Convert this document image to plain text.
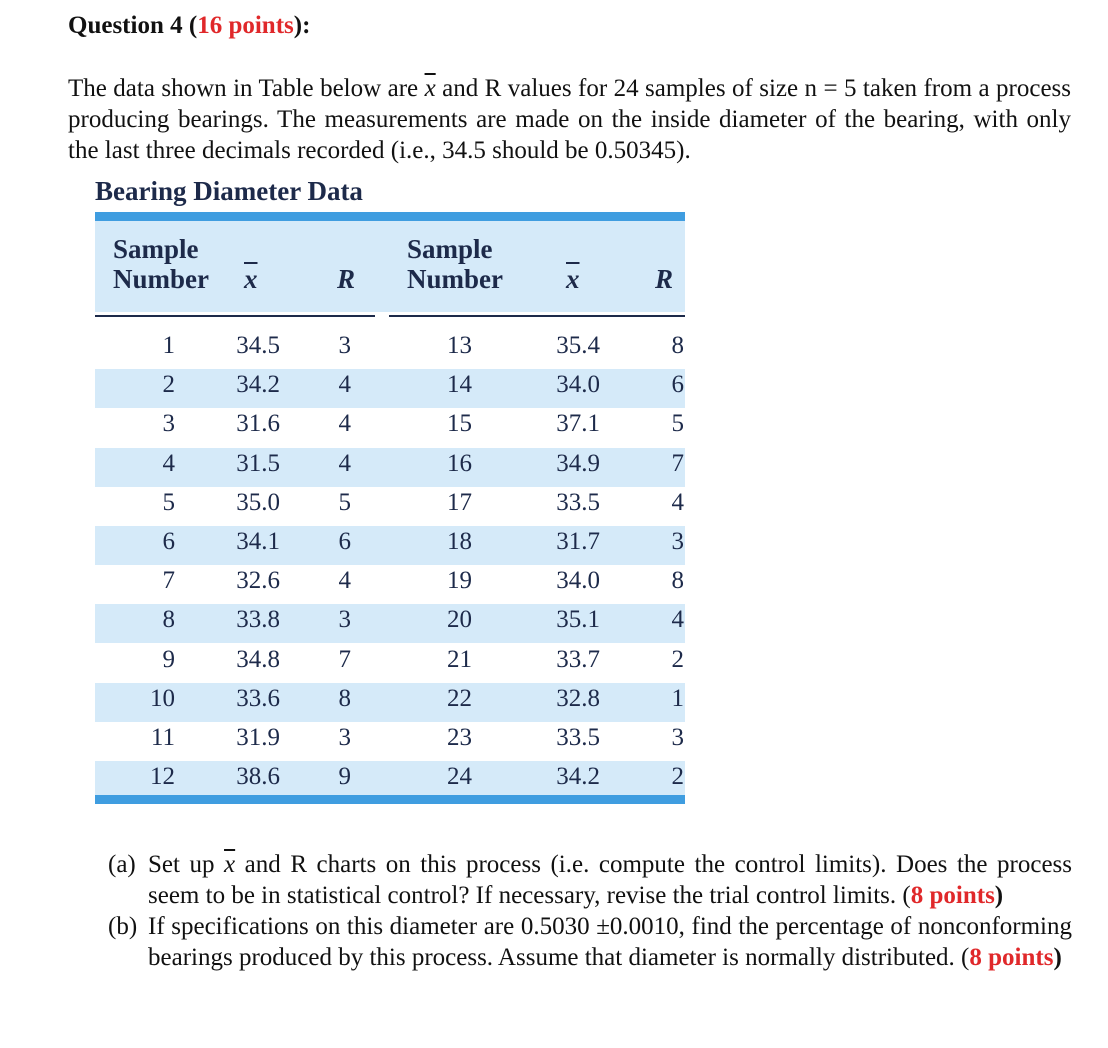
Question 4 (16 points):
The data shown in Table below are $\overline{x}$ and R values for 24 samples of size n = 5 taken from a process producing bearings. The measurements are made on the inside diameter of the bearing, with only the last three decimals recorded (i.e., 34.5 should be 0.50345).
Bearing Diameter Data
Sample
Number $\overline{x}$	R
Sample
Number $\overline{x}$	R
1 34.5 3	13	35.4	8
2 34.2 4	14	34.0	6
3 31.6 4	15	37.1	5
4 31.5 4	16	34.9	7
5 35.0 5	17	33.5	4
6 34.1 6	18	31.7	3
7 32.6 4	19	34.0	8
8 33.8 3	20	35.1	4
9 34.8 7	21	33.7	2
10 33.6 8	22	32.8	1
11 31.9 3	23	33.5	3
12 38.6 9	24	34.2	2
(a) Set up $\overline{x}$ and R charts on this process (i.e. compute the control limits). Does the process seem to be in statistical control? If necessary, revise the trial control limits. (8 points)
(b) If specifications on this diameter are 0.5030 ±0.0010, find the percentage of nonconforming bearings produced by this process. Assume that diameter is normally distributed. (8 points)
